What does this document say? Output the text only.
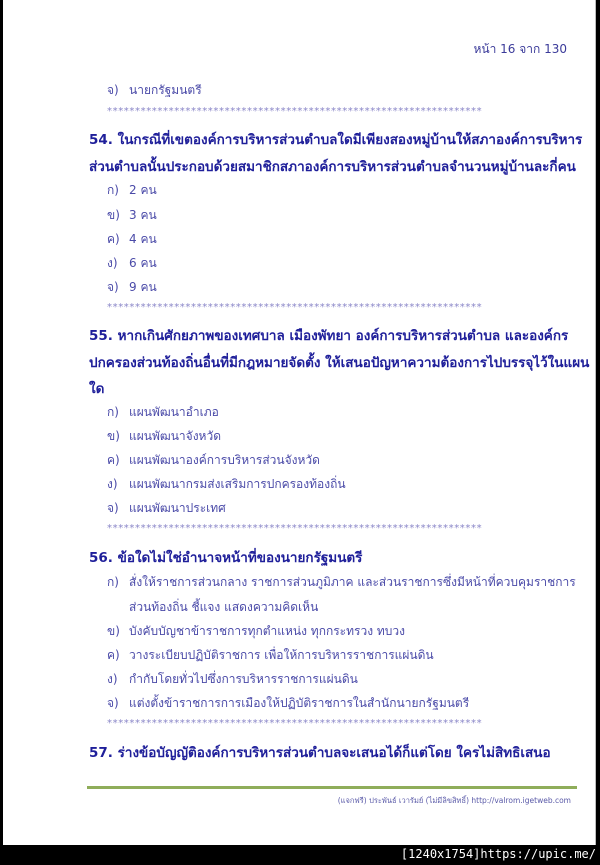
หน้า 16 จาก 130
จ) นายกรัฐมนตรี
*******************************************************************
54. ในกรณีที่เขตองค์การบริหารส่วนตำบลใดมีเพียงสองหมู่บ้านให้สภาองค์การบริหาร
ส่วนตำบลนั้นประกอบด้วยสมาชิกสภาองค์การบริหารส่วนตำบลจำนวนหมู่บ้านละกี่คน
ก) 2 คน
ข) 3 คน
ค) 4 คน
ง) 6 คน
จ) 9 คน
*******************************************************************
55. หากเกินศักยภาพของเทศบาล เมืองพัทยา องค์การบริหารส่วนตำบล และองค์กร
ปกครองส่วนท้องถิ่นอื่นที่มีกฎหมายจัดตั้ง ให้เสนอปัญหาความต้องการไปบรรจุไว้ในแผน
ใด
ก) แผนพัฒนาอำเภอ
ข) แผนพัฒนาจังหวัด
ค) แผนพัฒนาองค์การบริหารส่วนจังหวัด
ง) แผนพัฒนากรมส่งเสริมการปกครองท้องถิ่น
จ) แผนพัฒนาประเทศ
*******************************************************************
56. ข้อใดไม่ใช่อำนาจหน้าที่ของนายกรัฐมนตรี
ก) สั่งให้ราชการส่วนกลาง ราชการส่วนภูมิภาค และส่วนราชการซึ่งมีหน้าที่ควบคุมราชการ
ส่วนท้องถิ่น ชี้แจง แสดงความคิดเห็น
ข) บังคับบัญชาข้าราชการทุกตำแหน่ง ทุกกระทรวง ทบวง
ค) วางระเบียบปฏิบัติราชการ เพื่อให้การบริหารราชการแผ่นดิน
ง) กำกับโดยทั่วไปซึ่งการบริหารราชการแผ่นดิน
จ) แต่งตั้งข้าราชการการเมืองให้ปฏิบัติราชการในสำนักนายกรัฐมนตรี
*******************************************************************
57. ร่างข้อบัญญัติองค์การบริหารส่วนตำบลจะเสนอได้ก็แต่โดย ใครไม่สิทธิเสนอ
(แจกฟรี) ประพันธ์ เวารัมย์ (ไม่มีลิขสิทธิ์) http://valrom.igetweb.com
[1240x1754]https://upic.me/
